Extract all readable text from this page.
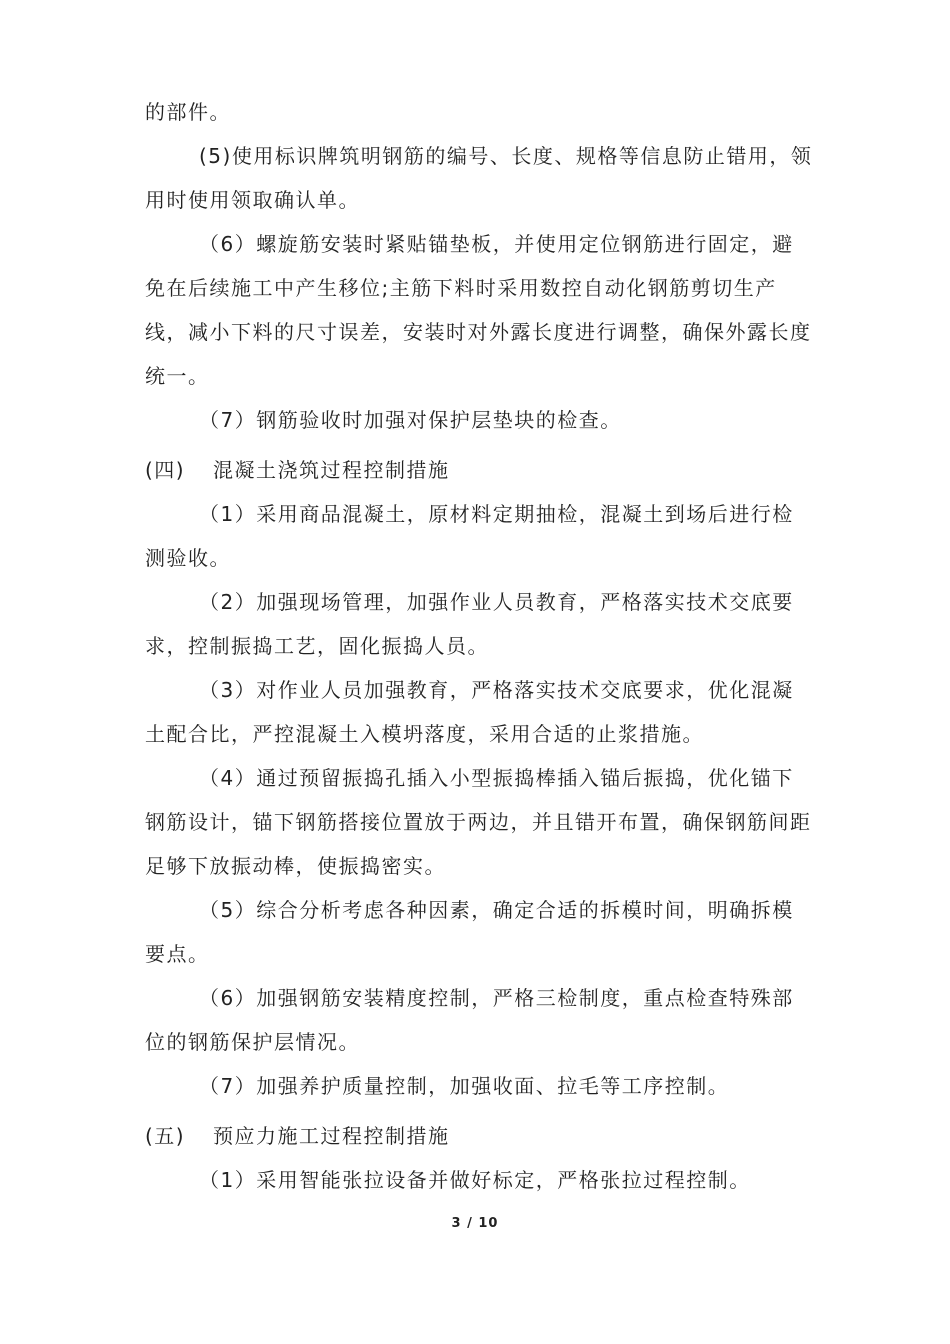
的部件。

(5)使用标识牌筑明钢筋的编号、长度、规格等信息防止错用，领用时使用领取确认单。

（6）螺旋筋安装时紧贴锚垫板，并使用定位钢筋进行固定，避免在后续施工中产生移位;主筋下料时采用数控自动化钢筋剪切生产线，减小下料的尺寸误差，安装时对外露长度进行调整，确保外露长度统一。

（7）钢筋验收时加强对保护层垫块的检查。

(四) 混凝土浇筑过程控制措施

（1）采用商品混凝土，原材料定期抽检，混凝土到场后进行检测验收。

（2）加强现场管理，加强作业人员教育，严格落实技术交底要求，控制振捣工艺，固化振捣人员。

（3）对作业人员加强教育，严格落实技术交底要求，优化混凝土配合比，严控混凝土入模坍落度，采用合适的止浆措施。

（4）通过预留振捣孔插入小型振捣棒插入锚后振捣，优化锚下钢筋设计，锚下钢筋搭接位置放于两边，并且错开布置，确保钢筋间距足够下放振动棒，使振捣密实。

（5）综合分析考虑各种因素，确定合适的拆模时间，明确拆模要点。

（6）加强钢筋安装精度控制，严格三检制度，重点检查特殊部位的钢筋保护层情况。

（7）加强养护质量控制，加强收面、拉毛等工序控制。

(五) 预应力施工过程控制措施

（1）采用智能张拉设备并做好标定，严格张拉过程控制。

3 / 10
